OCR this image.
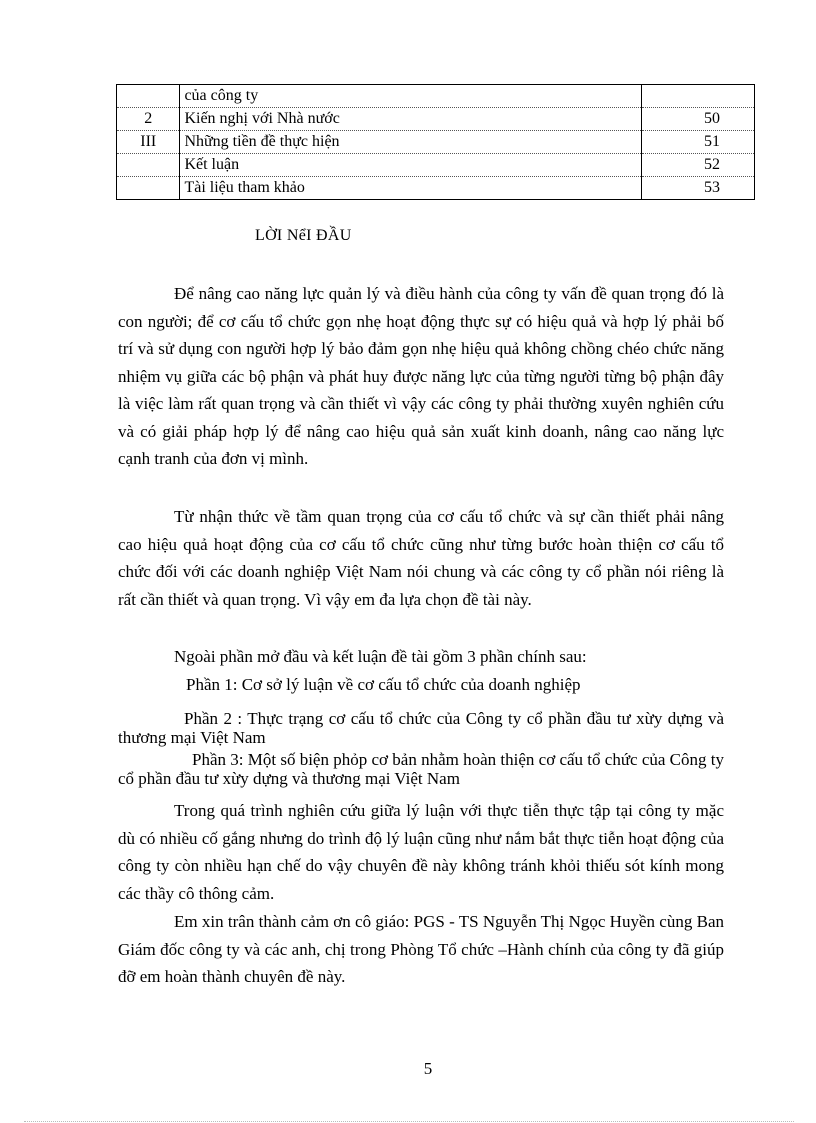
	của công ty	
2	Kiến nghị với Nhà nước	50
III	Những tiền đề thực hiện	51
	Kết luận	52
	Tài liệu tham khảo	53
LỜI NểI ĐẦU

Để nâng cao năng lực quản lý và điều hành của công ty vấn đề quan trọng đó là con người; để cơ cấu tổ chức gọn nhẹ hoạt động thực sự có hiệu quả và hợp lý phải bố trí và sử dụng con người hợp lý bảo đảm gọn nhẹ hiệu quả không chồng chéo chức năng nhiệm vụ giữa các bộ phận và phát huy được năng lực của từng người từng bộ phận đây là việc làm rất quan trọng và cần thiết vì vậy các công ty phải thường xuyên nghiên cứu và có giải pháp hợp lý để nâng cao hiệu quả sản xuất kinh doanh, nâng cao năng lực cạnh tranh của đơn vị mình.

Từ nhận thức về tầm quan trọng của cơ cấu tổ chức và sự cần thiết phải nâng cao hiệu quả hoạt động của cơ cấu tổ chức cũng như từng bước hoàn thiện cơ cấu tổ chức đối với các doanh nghiệp Việt Nam nói chung và các công ty cổ phần nói riêng là rất cần thiết và quan trọng. Vì vậy em đa lựa chọn đề tài này.

Ngoài phần mở đầu và kết luận đề tài gồm 3 phần chính sau:

Phần 1: Cơ sở lý luận về cơ cấu tổ chức của doanh nghiệp

Phần 2 : Thực trạng cơ cấu tổ chức của Công ty cổ phần đầu tư xừy dựng và thương mại Việt Nam

Phần 3: Một số biện phỏp cơ bản nhằm hoàn thiện cơ cấu tổ chức của Công ty cổ phần đầu tư xừy dựng và thương mại Việt Nam

Trong quá trình nghiên cứu giữa lý luận với thực tiễn thực tập tại công ty mặc dù có nhiều cố gắng nhưng do trình độ lý luận cũng như nắm bắt thực tiễn hoạt động của công ty còn nhiều hạn chế do vậy chuyên đề này không tránh khỏi thiếu sót kính mong các thầy cô thông cảm.

Em xin trân thành cảm ơn cô giáo: PGS - TS Nguyễn Thị Ngọc Huyền cùng Ban Giám đốc công ty và các anh, chị trong Phòng Tổ chức –Hành chính của công ty đã giúp đỡ em hoàn thành chuyên đề này.

5
